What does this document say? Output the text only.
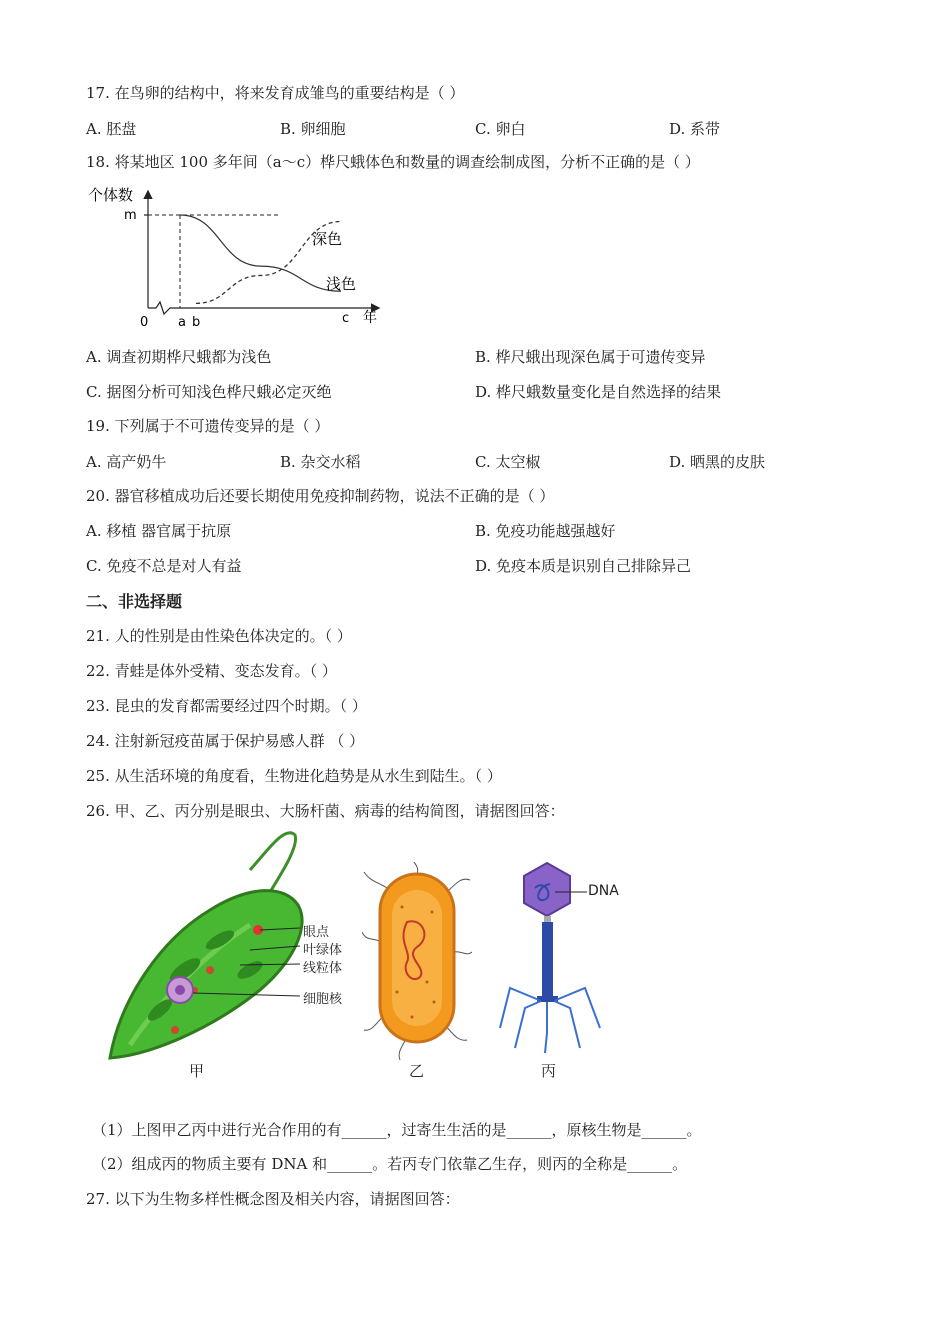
17. 在鸟卵的结构中，将来发育成雏鸟的重要结构是（ ）
A. 胚盘	B. 卵细胞	C. 卵白	D. 系带
18. 将某地区 100 多年间（a～c）桦尺蛾体色和数量的调查绘制成图，分析不正确的是（ ）
个体数
m
0 a b	c 年
深色
浅色
A. 调查初期桦尺蛾都为浅色	B. 桦尺蛾出现深色属于可遗传变异
C. 据图分析可知浅色桦尺蛾必定灭绝	D. 桦尺蛾数量变化是自然选择的结果
19. 下列属于不可遗传变异的是（ ）
A. 高产奶牛	B. 杂交水稻	C. 太空椒	D. 晒黑的皮肤
20. 器官移植成功后还要长期使用免疫抑制药物，说法不正确的是（ ）
A. 移植 器官属于抗原	B. 免疫功能越强越好
C. 免疫不总是对人有益	D. 免疫本质是识别自己排除异己
二、非选择题
21. 人的性别是由性染色体决定的。（ ）
22. 青蛙是体外受精、变态发育。（ ）
23. 昆虫的发育都需要经过四个时期。（ ）
24. 注射新冠疫苗属于保护易感人群 （ ）
25. 从生活环境的角度看，生物进化趋势是从水生到陆生。（ ）
26. 甲、乙、丙分别是眼虫、大肠杆菌、病毒的结构简图，请据图回答：
眼点
叶绿体
线粒体
细胞核
DNA
甲	乙	丙
（1）上图甲乙丙中进行光合作用的有______，过寄生生活的是______，原核生物是______。
（2）组成丙的物质主要有 DNA 和______。若丙专门依靠乙生存，则丙的全称是______。
27. 以下为生物多样性概念图及相关内容，请据图回答：
